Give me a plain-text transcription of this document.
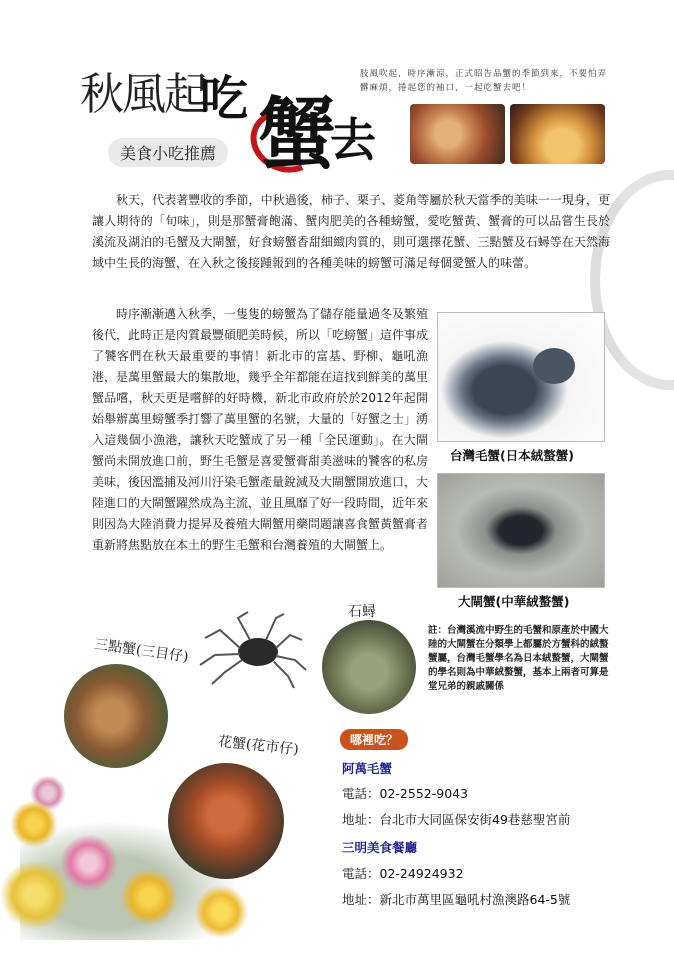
秋風起
吃 蟹
去
美食小吃推薦
肢風吹起，時序漸涼，正式昭告品蟹的季節到來，不要怕弄髒麻煩，捲起您的袖口，一起吃蟹去吧！
秋天，代表著豐收的季節，中秋過後，柿子、栗子、菱角等屬於秋天當季的美味一一現身，更讓人期待的「旬味」，則是那蟹膏飽滿、蟹肉肥美的各種螃蟹，愛吃蟹黃、蟹膏的可以品嘗生長於溪流及湖泊的毛蟹及大閘蟹，好食螃蟹香甜細緻肉質的，則可選擇花蟹、三點蟹及石蟳等在天然海域中生長的海蟹，在入秋之後接踵報到的各種美味的螃蟹可滿足每個愛蟹人的味蕾。
時序漸漸邁入秋季，一隻隻的螃蟹為了儲存能量過冬及繁殖後代，此時正是肉質最豐碩肥美時候，所以「吃螃蟹」這件事成了饕客們在秋天最重要的事情！新北市的富基、野柳、龜吼漁港，是萬里蟹最大的集散地，幾乎全年都能在這找到鮮美的萬里蟹品嚐，秋天更是嚐鮮的好時機，新北市政府於於2012年起開始舉辦萬里螃蟹季打響了萬里蟹的名號，大量的「好蟹之士」湧入這幾個小漁港，讓秋天吃蟹成了另一種「全民運動」。在大閘蟹尚未開放進口前，野生毛蟹是喜愛蟹膏甜美滋味的饕客的私房美味，後因濫捕及河川汙染毛蟹產量銳減及大閘蟹開放進口，大陸進口的大閘蟹躍然成為主流，並且風靡了好一段時間，近年來則因為大陸消費力提昇及養殖大閘蟹用藥問題讓喜食蟹黃蟹膏者重新將焦點放在本土的野生毛蟹和台灣養殖的大閘蟹上。
台灣毛蟹(日本絨螯蟹)
大閘蟹(中華絨螯蟹)
註：台灣溪流中野生的毛蟹和原產於中國大陸的大閘蟹在分類學上都屬於方蟹科的絨螯蟹屬，台灣毛蟹學名為日本絨螯蟹，大閘蟹的學名則為中華絨螯蟹，基本上兩者可算是堂兄弟的親戚關係
三點蟹(三目仔)
石蟳
花蟹(花市仔)	哪裡吃？
阿萬毛蟹
電話：02-2552-9043
地址：台北市大同區保安街49巷慈聖宮前
三明美食餐廳
電話：02-24924932
地址：新北市萬里區龜吼村漁澳路64-5號
